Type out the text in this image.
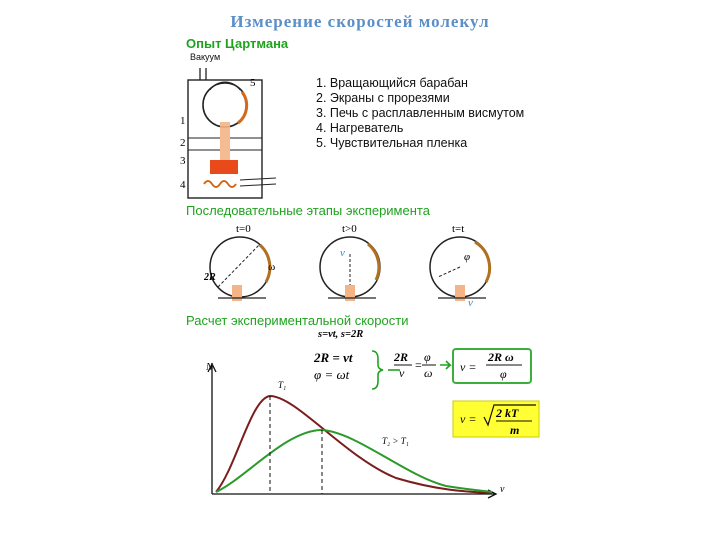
Измерение скоростей молекул
Опыт Цартмана
Вакуум
1
2
3
4
5	1. Вращающийся барабан
2. Экраны с прорезями
3. Печь с расплавленным висмутом
4. Нагреватель
5. Чувствительная пленка
Последовательные этапы эксперимента
t=0
2R
ω
t>0
v
t=t
φ
v
Расчет экспериментальной скорости
s=vt, s=2R
2R = vt
φ = ωt
2R
v
=
φ
ω v =
2R ω
φ
v = 2 kT
m
N
v
T₁
T₂ > T₁
